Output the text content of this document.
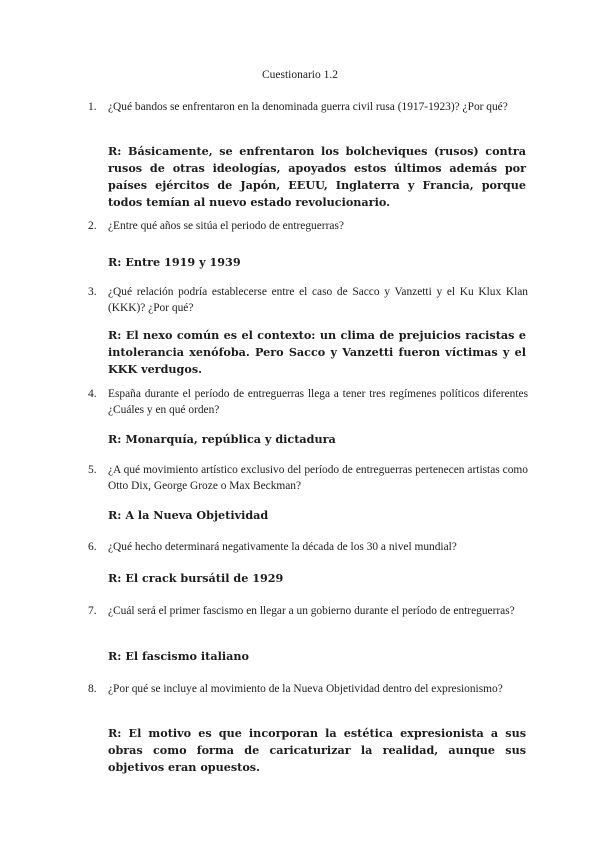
Cuestionario 1.2
1. ¿Qué bandos se enfrentaron en la denominada guerra civil rusa (1917-1923)? ¿Por qué?
R: Básicamente, se enfrentaron los bolcheviques (rusos) contra rusos de otras ideologías, apoyados estos últimos además por países ejércitos de Japón, EEUU, Inglaterra y Francia, porque todos temían al nuevo estado revolucionario.
2. ¿Entre qué años se sitúa el periodo de entreguerras?
R: Entre 1919 y 1939
3. ¿Qué relación podría establecerse entre el caso de Sacco y Vanzetti y el Ku Klux Klan (KKK)? ¿Por qué?
R: El nexo común es el contexto: un clima de prejuicios racistas e intolerancia xenófoba. Pero Sacco y Vanzetti fueron víctimas y el KKK verdugos.
4. España durante el período de entreguerras llega a tener tres regímenes políticos diferentes ¿Cuáles y en qué orden?
R: Monarquía, república y dictadura
5. ¿A qué movimiento artístico exclusivo del período de entreguerras pertenecen artistas como Otto Dix, George Groze o Max Beckman?
R: A la Nueva Objetividad
6. ¿Qué hecho determinará negativamente la década de los 30 a nivel mundial?
R: El crack bursátil de 1929
7. ¿Cuál será el primer fascismo en llegar a un gobierno durante el período de entreguerras?
R: El fascismo italiano
8. ¿Por qué se incluye al movimiento de la Nueva Objetividad dentro del expresionismo?
R: El motivo es que incorporan la estética expresionista a sus obras como forma de caricaturizar la realidad, aunque sus objetivos eran opuestos.
